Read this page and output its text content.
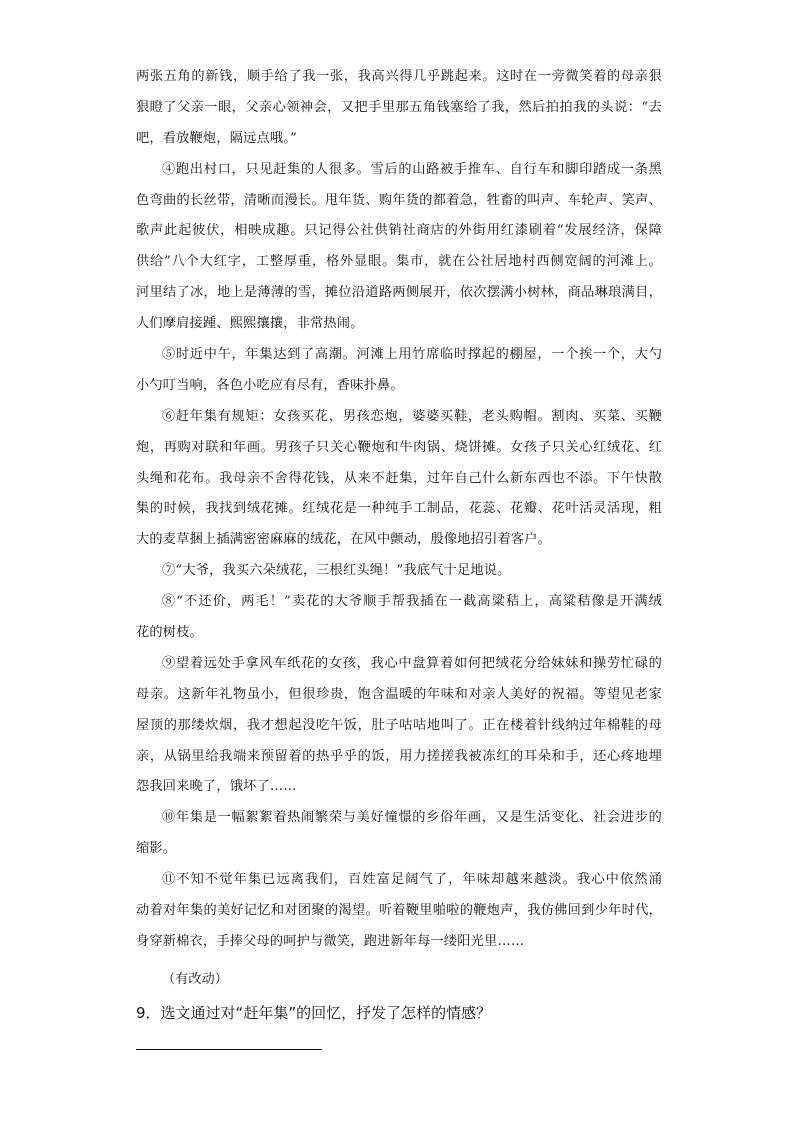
两张五角的新钱，顺手给了我一张，我高兴得几乎跳起来。这时在一旁微笑着的母亲狠
狠瞪了父亲一眼，父亲心领神会，又把手里那五角钱塞给了我，然后拍拍我的头说：“去
吧，看放鞭炮，隔远点哦。”
④跑出村口，只见赶集的人很多。雪后的山路被手推车、自行车和脚印踏成一条黑
色弯曲的长丝带，清晰而漫长。甩年货、购年货的都着急，牲畜的叫声、车轮声、笑声、
歌声此起彼伏，相映成趣。只记得公社供销社商店的外街用红漆刷着“发展经济，保障
供给”八个大红字，工整厚重，格外显眼。集市，就在公社居地村西侧宽阔的河滩上。
河里结了冰，地上是薄薄的雪，摊位沿道路两侧展开，依次摆满小树林，商品琳琅满目，
人们摩肩接踵、熙熙攘攘，非常热闹。
⑤时近中午，年集达到了高潮。河滩上用竹席临时撑起的棚屋，一个挨一个，大勺
小勺叮当响，各色小吃应有尽有，香味扑鼻。
⑥赶年集有规矩：女孩买花，男孩恋炮，婆婆买鞋，老头购帽。割肉、买菜、买鞭
炮，再购对联和年画。男孩子只关心鞭炮和牛肉锅、烧饼摊。女孩子只关心红绒花、红
头绳和花布。我母亲不舍得花钱，从来不赶集，过年自己什么新东西也不添。下午快散
集的时候，我找到绒花摊。红绒花是一种纯手工制品，花蕊、花瓣、花叶活灵活现，粗
大的麦草捆上插满密密麻麻的绒花，在风中颤动，殷像地招引着客户。
⑦“大爷，我买六朵绒花，三根红头绳！”我底气十足地说。
⑧“不还价，两毛！”卖花的大爷顺手帮我插在一截高粱秸上，高粱秸像是开满绒
花的树枝。
⑨望着远处手拿风车纸花的女孩，我心中盘算着如何把绒花分给妹妹和操劳忙碌的
母亲。这新年礼物虽小，但很珍贵，饱含温暖的年味和对亲人美好的祝福。等望见老家
屋顶的那缕炊烟，我才想起没吃午饭，肚子咕咕地叫了。正在楼着针线纳过年棉鞋的母
亲，从锅里给我端来预留着的热乎乎的饭，用力搓搓我被冻红的耳朵和手，还心疼地埋
怨我回来晚了，饿坏了……
⑩年集是一幅絮絮着热闹繁荣与美好憧憬的乡俗年画，又是生活变化、社会进步的
缩影。
⑪不知不觉年集已远离我们，百姓富足阔气了，年味却越来越淡。我心中依然涌
动着对年集的美好记忆和对团聚的渴望。听着鞭里啪啦的鞭炮声，我仿佛回到少年时代，
身穿新棉衣，手捧父母的呵护与微笑，跑进新年每一缕阳光里……
（有改动）
9．选文通过对“赶年集”的回忆，抒发了怎样的情感？
